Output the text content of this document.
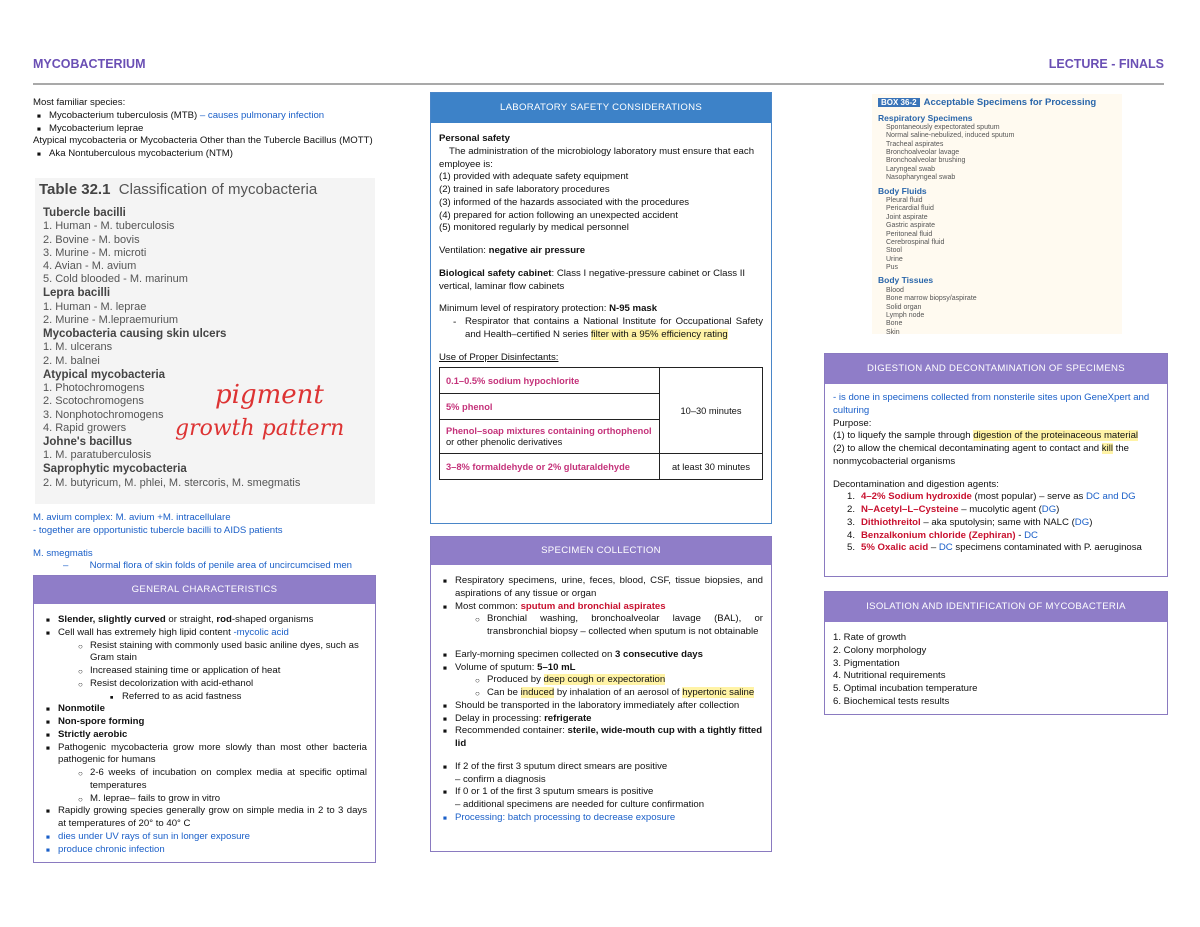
MYCOBACTERIUM	LECTURE - FINALS
Most familiar species:
■ Mycobacterium tuberculosis (MTB) – causes pulmonary infection
■ Mycobacterium leprae
Atypical mycobacteria or Mycobacteria Other than the Tubercle Bacillus (MOTT)
■ Aka Nontuberculous mycobacterium (NTM)
Table 32.1 Classification of mycobacteria
Tubercle bacilli
1. Human - M. tuberculosis
2. Bovine - M. bovis
3. Murine - M. microti
4. Avian - M. avium
5. Cold blooded - M. marinum
Lepra bacilli
1. Human - M. leprae
2. Murine - M.lepraemurium
Mycobacteria causing skin ulcers
1. M. ulcerans
2. M. balnei
Atypical mycobacteria
1. Photochromogens
2. Scotochromogens
3. Nonphotochromogens
4. Rapid growers
Johne's bacillus
1. M. paratuberculosis
Saprophytic mycobacteria
2. M. butyricum, M. phlei, M. stercoris, M. smegmatis
pigment
growth pattern
M. avium complex: M. avium +M. intracellulare
- together are opportunistic tubercle bacilli to AIDS patients
M. smegmatis
–        Normal flora of skin folds of penile area of uncircumcised men
GENERAL CHARACTERISTICS
■ Slender, slightly curved or straight, rod-shaped organisms
■ Cell wall has extremely high lipid content -mycolic acid
○ Resist staining with commonly used basic aniline dyes, such as Gram stain
○ Increased staining time or application of heat
○ Resist decolorization with acid-ethanol
■ Referred to as acid fastness
■ Nonmotile
■ Non-spore forming
■ Strictly aerobic
■ Pathogenic mycobacteria grow more slowly than most other bacteria pathogenic for humans
○ 2-6 weeks of incubation on complex media at specific optimal temperatures
○ M. leprae– fails to grow in vitro
■ Rapidly growing species generally grow on simple media in 2 to 3 days at temperatures of 20° to 40° C
■ dies under UV rays of sun in longer exposure
■ produce chronic infection
LABORATORY SAFETY CONSIDERATIONS
Personal safety
The administration of the microbiology laboratory must ensure that each employee is:
(1) provided with adequate safety equipment
(2) trained in safe laboratory procedures
(3) informed of the hazards associated with the procedures
(4) prepared for action following an unexpected accident
(5) monitored regularly by medical personnel
Ventilation: negative air pressure
Biological safety cabinet: Class I negative-pressure cabinet or Class II vertical, laminar flow cabinets
Minimum level of respiratory protection: N-95 mask
- Respirator that contains a National Institute for Occupational Safety and Health–certified N series filter with a 95% efficiency rating
Use of Proper Disinfectants:
0.1–0.5% sodium hypochlorite	10–30 minutes
5% phenol	
Phenol–soap mixtures containing orthophenol or other phenolic derivatives	
3–8% formaldehyde or 2% glutaraldehyde	at least 30 minutes
SPECIMEN COLLECTION
■ Respiratory specimens, urine, feces, blood, CSF, tissue biopsies, and aspirations of any tissue or organ
■ Most common: sputum and bronchial aspirates
○ Bronchial washing, bronchoalveolar lavage (BAL), or transbronchial biopsy – collected when sputum is not obtainable
■ Early-morning specimen collected on 3 consecutive days
■ Volume of sputum: 5–10 mL
○ Produced by deep cough or expectoration
○ Can be induced by inhalation of an aerosol of hypertonic saline
■ Should be transported in the laboratory immediately after collection
■ Delay in processing: refrigerate
■ Recommended container: sterile, wide-mouth cup with a tightly fitted lid
■ If 2 of the first 3 sputum direct smears are positive
– confirm a diagnosis
■ If 0 or 1 of the first 3 sputum smears is positive
– additional specimens are needed for culture confirmation
■ Processing: batch processing to decrease exposure
BOX 36-2 Acceptable Specimens for Processing
Respiratory Specimens
Spontaneously expectorated sputum
Normal saline-nebulized, induced sputum
Tracheal aspirates
Bronchoalveolar lavage
Bronchoalveolar brushing
Laryngeal swab
Nasopharyngeal swab
Body Fluids
Pleural fluid
Pericardial fluid
Joint aspirate
Gastric aspirate
Peritoneal fluid
Cerebrospinal fluid
Stool
Urine
Pus
Body Tissues
Blood
Bone marrow biopsy/aspirate
Solid organ
Lymph node
Bone
Skin
DIGESTION AND DECONTAMINATION OF SPECIMENS
- is done in specimens collected from nonsterile sites upon GeneXpert and culturing
Purpose:
(1) to liquefy the sample through digestion of the proteinaceous material
(2) to allow the chemical decontaminating agent to contact and kill the nonmycobacterial organisms
Decontamination and digestion agents:
1. 4–2% Sodium hydroxide (most popular) – serve as DC and DG
2. N–Acetyl–L–Cysteine – mucolytic agent (DG)
3. Dithiothreitol – aka sputolysin; same with NALC (DG)
4. Benzalkonium chloride (Zephiran) - DC
5. 5% Oxalic acid – DC specimens contaminated with P. aeruginosa
ISOLATION AND IDENTIFICATION OF MYCOBACTERIA
1. Rate of growth
2. Colony morphology
3. Pigmentation
4. Nutritional requirements
5. Optimal incubation temperature
6. Biochemical tests results
